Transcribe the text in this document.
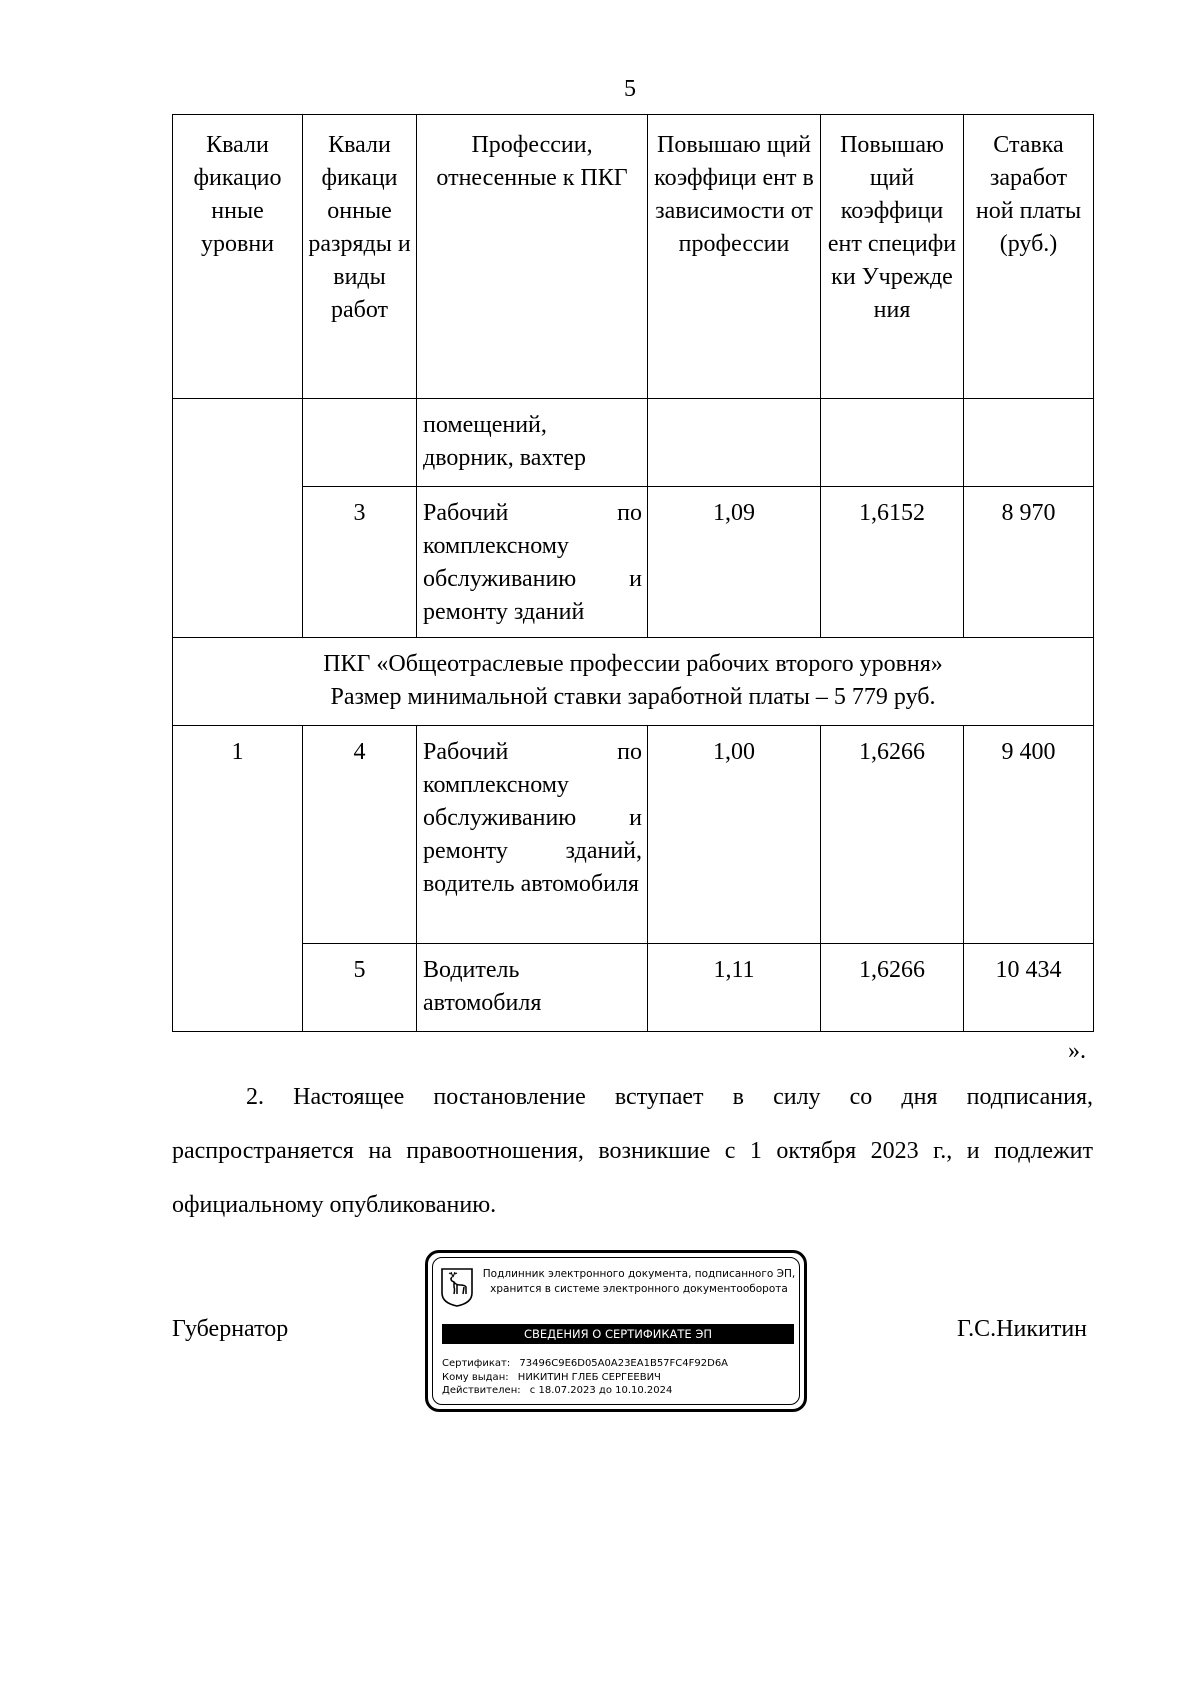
5
Квали фикацио нные уровни	Квали фикаци онные разряды и виды работ	Профессии, отнесенные к ПКГ	Повышаю щий коэффици ент в зависимости от профессии	Повышаю щий коэффици ент специфи ки Учрежде ния	Ставка заработ ной платы (руб.)
		помещений, дворник, вахтер			
	3	Рабочий по комплексному обслуживанию и ремонту зданий	1,09	1,6152	8 970

ПКГ «Общеотраслевые профессии рабочих второго уровня»
Размер минимальной ставки заработной платы – 5 779 руб.					

1	4	Рабочий по комплексному обслуживанию и ремонту зданий, водитель автомобиля	1,00	1,6266	9 400
	5	Водитель автомобиля	1,11	1,6266	10 434
».
2. Настоящее постановление вступает в силу со дня подписания, распространяется на правоотношения, возникшие с 1 октября 2023 г., и подлежит официальному опубликованию.
Губернатор	Г.С.Никитин
Подлинник электронного документа, подписанного ЭП,
хранится в системе электронного документооборота
СВЕДЕНИЯ О СЕРТИФИКАТЕ ЭП
Сертификат: 73496C9E6D05A0A23EA1B57FC4F92D6A
Кому выдан: НИКИТИН ГЛЕБ СЕРГЕЕВИЧ
Действителен: с 18.07.2023 до 10.10.2024
